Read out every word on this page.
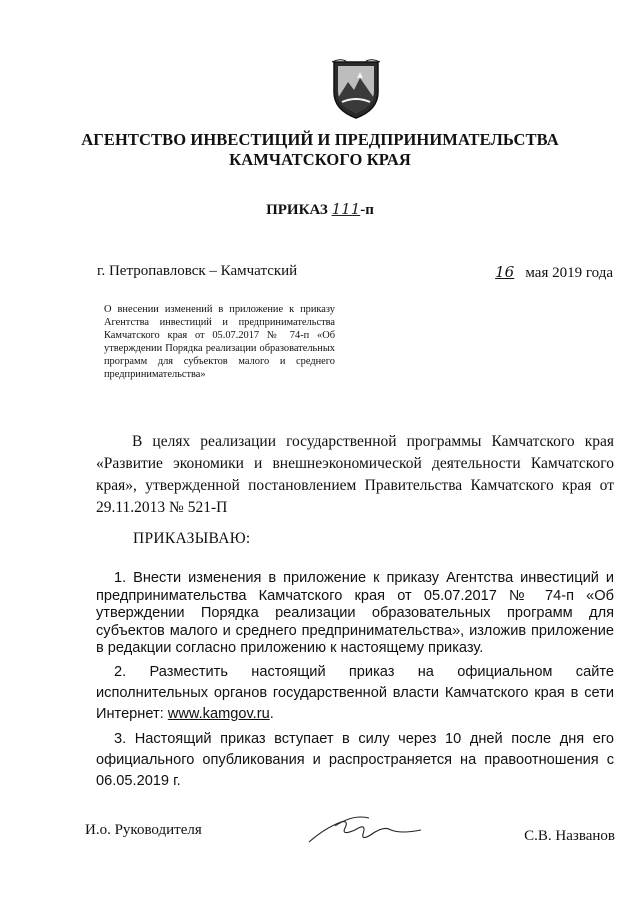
АГЕНТСТВО ИНВЕСТИЦИЙ И ПРЕДПРИНИМАТЕЛЬСТВА
КАМЧАТСКОГО КРАЯ
ПРИКАЗ 111-п
г. Петропавловск – Камчатский	16 мая 2019 года
О внесении изменений в приложение к приказу Агентства инвестиций и предпринимательства Камчатского края от 05.07.2017 № 74-п «Об утверждении Порядка реализации образовательных программ для субъектов малого и среднего предпринимательства»
В целях реализации государственной программы Камчатского края «Развитие экономики и внешнеэкономической деятельности Камчатского края», утвержденной постановлением Правительства Камчатского края от 29.11.2013 № 521-П
ПРИКАЗЫВАЮ:

1. Внести изменения в приложение к приказу Агентства инвестиций и предпринимательства Камчатского края от 05.07.2017 № 74-п «Об утверждении Порядка реализации образовательных программ для субъектов малого и среднего предпринимательства», изложив приложение в редакции согласно приложению к настоящему приказу.

2. Разместить настоящий приказ на официальном сайте исполнительных органов государственной власти Камчатского края в сети Интернет: www.kamgov.ru.

3. Настоящий приказ вступает в силу через 10 дней после дня его официального опубликования и распространяется на правоотношения с 06.05.2019 г.

И.о. Руководителя	С.В. Названов
